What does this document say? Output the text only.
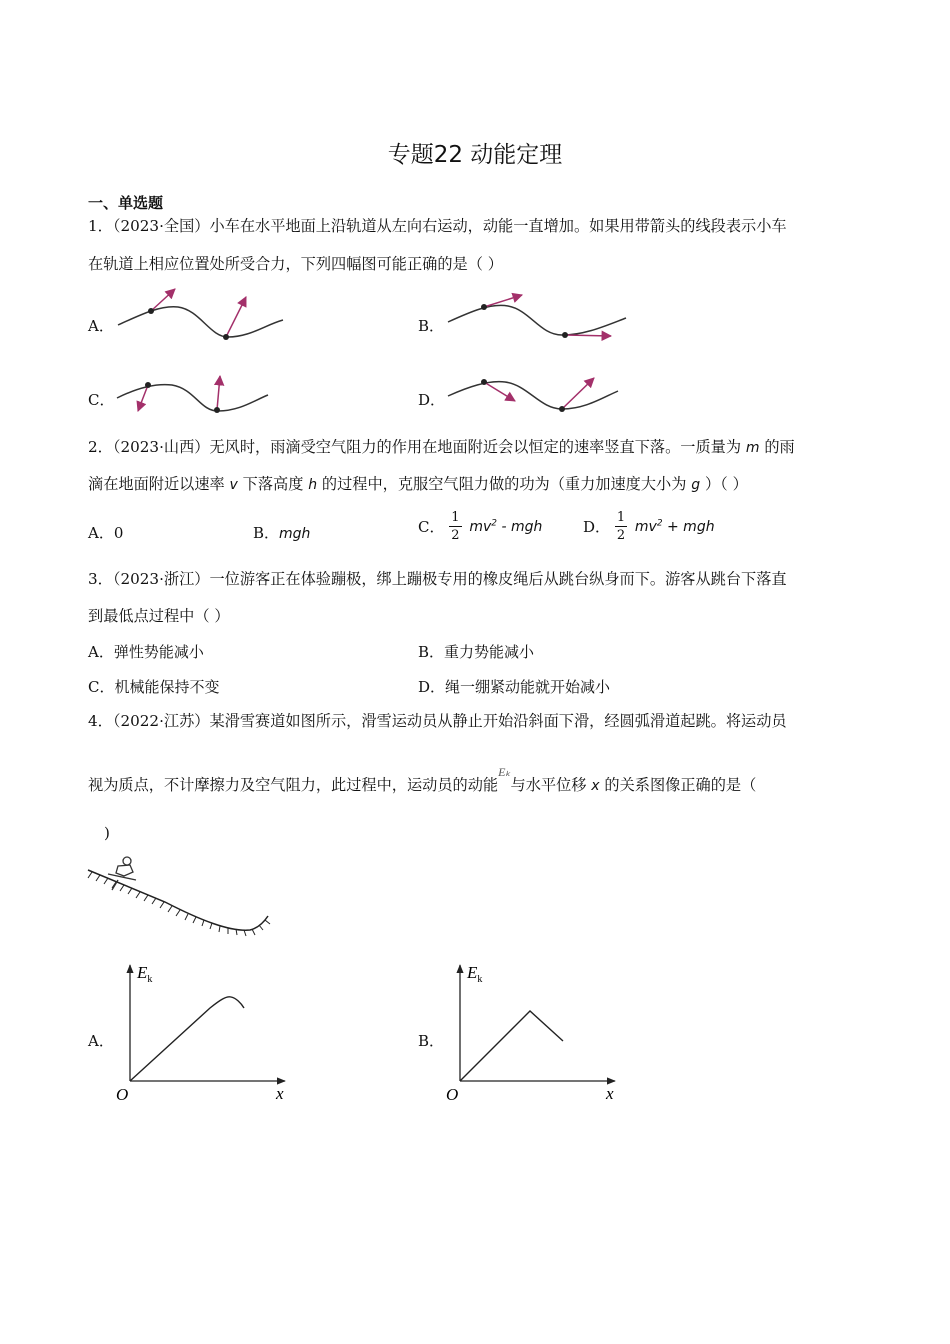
专题22 动能定理
一、单选题
1．（2023·全国）小车在水平地面上沿轨道从左向右运动，动能一直增加。如果用带箭头的线段表示小车
在轨道上相应位置处所受合力，下列四幅图可能正确的是（ ）
A．	B．
C．	D．
2．（2023·山西）无风时，雨滴受空气阻力的作用在地面附近会以恒定的速率竖直下落。一质量为 m 的雨
滴在地面附近以速率 v 下落高度 h 的过程中，克服空气阻力做的功为（重力加速度大小为 g ）（ ）
A．0	B．mgh	C． $\frac{1}{2} mv^2$ - mgh	D． $\frac{1}{2} mv^2$ + mgh
3．（2023·浙江）一位游客正在体验蹦极，绑上蹦极专用的橡皮绳后从跳台纵身而下。游客从跳台下落直
到最低点过程中（ ）
A．弹性势能减小	B．重力势能减小
C．机械能保持不变	D．绳一绷紧动能就开始减小
4．（2022·江苏）某滑雪赛道如图所示，滑雪运动员从静止开始沿斜面下滑，经圆弧滑道起跳。将运动员
视为质点，不计摩擦力及空气阻力，此过程中，运动员的动能$^{E_k}$与水平位移 x 的关系图像正确的是（
)
A．	B．
$E_k$
O	x
$E_k$
O	x
